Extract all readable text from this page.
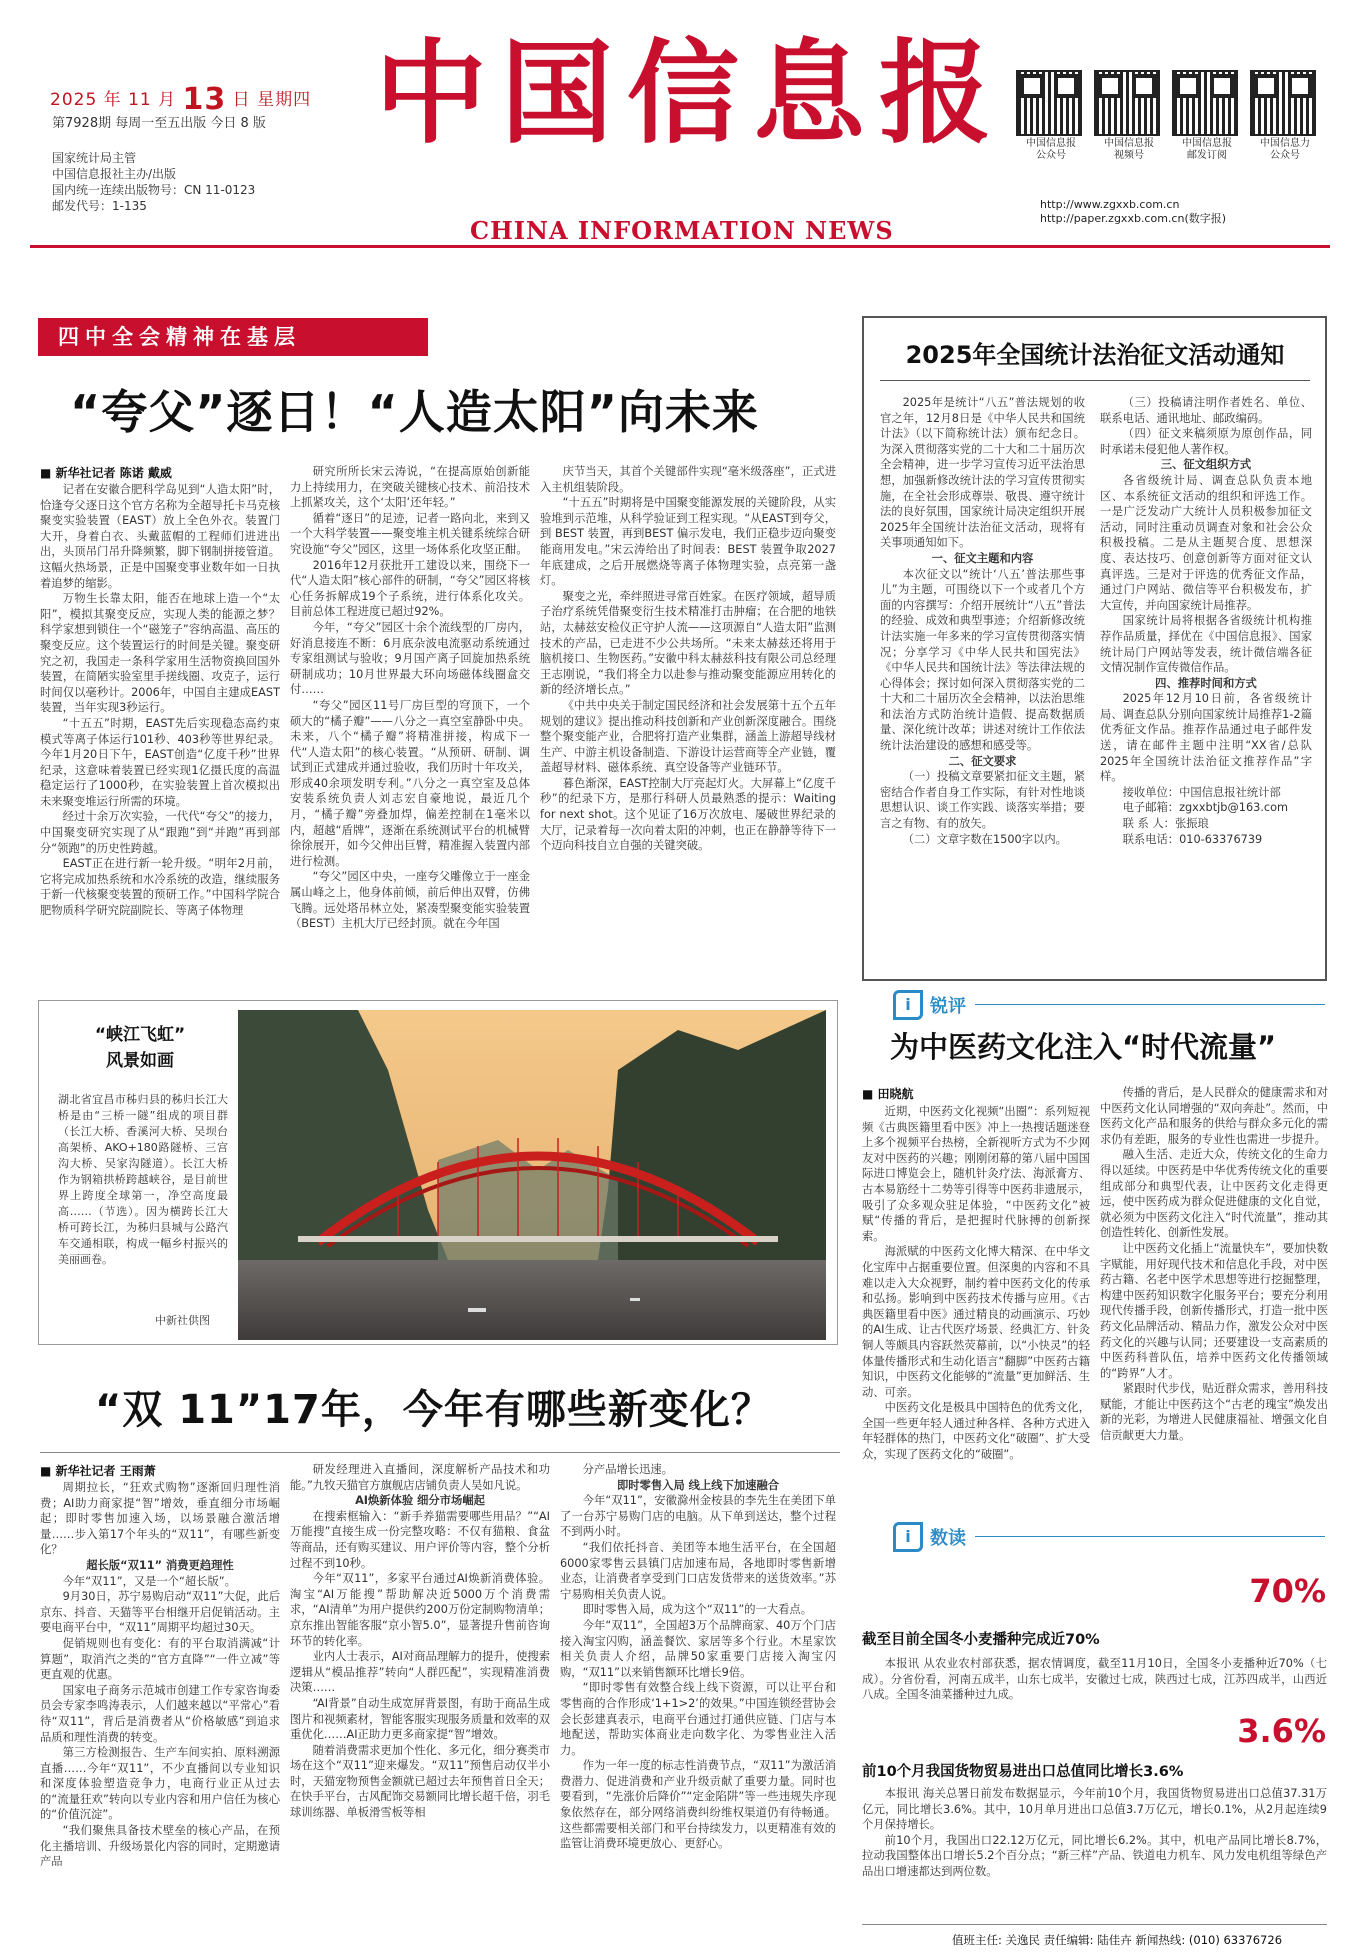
2025 年 11 月 13 日 星期四
第7928期 每周一至五出版 今日 8 版
国家统计局主管
中国信息报社主办/出版
国内统一连续出版物号：CN 11-0123
邮发代号：1-135
中国信息报
CHINA INFORMATION NEWS
中国信息报
公众号
中国信息报
视频号
中国信息报
邮发订阅
中国信息力
公众号
http://www.zgxxb.com.cn
http://paper.zgxxb.com.cn(数字报)
四中全会精神在基层
“夸父”逐日！“人造太阳”向未来
■ 新华社记者 陈诺 戴威

记者在安徽合肥科学岛见到“人造太阳”时，恰逢夸父逐日这个官方名称为全超导托卡马克核聚变实验装置（EAST）放上全色外衣。装置门大开，身着白衣、头戴蓝帽的工程师们进进出出，头顶吊门吊升降频繁，脚下钢制拼接管道。这幅火热场景，正是中国聚变事业数年如一日执着追梦的缩影。

万物生长靠太阳，能否在地球上造一个“太阳”，模拟其聚变反应，实现人类的能源之梦？科学家想到锁住一个“磁笼子”容纳高温、高压的聚变反应。这个装置运行的时间是关键。聚变研究之初，我国走一条科学家用生活物资换回国外装置，在简陋实验室里手搓线圈、攻克子，运行时间仅以毫秒计。2006年，中国自主建成EAST装置，当年实现3秒运行。

“十五五”时期，EAST先后实现稳态高约束模式等离子体运行101秒、403秒等世界纪录。今年1月20日下午，EAST创造“亿度千秒”世界纪录，这意味着装置已经实现1亿摄氏度的高温稳定运行了1000秒，在实验装置上首次模拟出未来聚变堆运行所需的环境。

经过十余万次实验，一代代“夸父”的接力，中国聚变研究实现了从“跟跑”到“并跑”再到部分“领跑”的历史性跨越。

EAST正在进行新一轮升级。“明年2月前，它将完成加热系统和水冷系统的改造，继续服务于新一代核聚变装置的预研工作。”中国科学院合肥物质科学研究院副院长、等离子体物理

研究所所长宋云涛说，“在提高原始创新能力上持续用力，在突破关键核心技术、前沿技术上抓紧攻关，这个‘太阳’还年轻。”

循着“逐日”的足迹，记者一路向北，来到又一个大科学装置——聚变堆主机关键系统综合研究设施“夸父”园区，这里一场体系化攻坚正酣。

2016年12月获批开工建设以来，围绕下一代“人造太阳”核心部件的研制，“夸父”园区将核心任务拆解成19个子系统，进行体系化攻关。目前总体工程进度已超过92%。

今年，“夸父”园区十余个流线型的厂房内，好消息接连不断：6月底杂波电流驱动系统通过专家组测试与验收；9月国产离子回旋加热系统研制成功；10月世界最大环向场磁体线圈盒交付……

“夸父”园区11号厂房巨型的穹顶下，一个硕大的“橘子瓣”——八分之一真空室静卧中央。未来，八个“橘子瓣”将精准拼接，构成下一代“人造太阳”的核心装置。“从预研、研制、调试到正式建成并通过验收，我们历时十年攻关，形成40余项发明专利。”八分之一真空室及总体安装系统负责人刘志宏自豪地说，最近几个月，“橘子瓣”旁叠加焊，偏差控制在1毫米以内，超越“盾牌”，逐渐在系统测试平台的机械臂徐徐展开，如今父伸出巨臂，精准握入装置内部进行检测。

“夸父”园区中央，一座夸父雕像立于一座金属山峰之上，他身体前倾，前后伸出双臂，仿佛飞腾。远处塔吊林立处，紧凑型聚变能实验装置（BEST）主机大厅已经封顶。就在今年国

庆节当天，其首个关键部件实现“毫米级落座”，正式进入主机组装阶段。

“十五五”时期将是中国聚变能源发展的关键阶段，从实验堆到示范堆，从科学验证到工程实现。“从EAST到夸父，到 BEST 装置，再到BEST 偏示发电，我们正稳步迈向聚变能商用发电。”宋云涛给出了时间表：BEST 装置争取2027年底建成，之后开展燃烧等离子体物理实验，点亮第一盏灯。

聚变之光，牵绊照进寻常百姓家。在医疗领域，超导质子治疗系统凭借聚变衍生技术精准打击肿瘤；在合肥的地铁站，太赫兹安检仪正守护人流——这项源自“人造太阳”监测技术的产品，已走进不少公共场所。“未来太赫兹还将用于脑机接口、生物医药。”安徽中科太赫兹科技有限公司总经理王志刚说，“我们将全力以赴参与推动聚变能源应用转化的新的经济增长点。”

《中共中央关于制定国民经济和社会发展第十五个五年规划的建议》提出推动科技创新和产业创新深度融合。围绕整个聚变能产业，合肥将打造产业集群，涵盖上游超导线材生产、中游主机设备制造、下游设计运营商等全产业链，覆盖超导材料、磁体系统、真空设备等产业链环节。

暮色渐深，EAST控制大厅亮起灯火。大屏幕上“亿度千秒”的纪录下方，是那行科研人员最熟悉的提示：Waiting for next shot。这个见证了16万次放电、屡破世界纪录的大厅，记录着每一次向着太阳的冲刺，也正在静静等待下一个迈向科技自立自强的关键突破。

2025年全国统计法治征文活动通知

2025年是统计“八五”普法规划的收官之年，12月8日是《中华人民共和国统计法》（以下简称统计法）颁布纪念日。为深入贯彻落实党的二十大和二十届历次全会精神，进一步学习宣传习近平法治思想，加强新修改统计法的学习宣传贯彻实施，在全社会形成尊崇、敬畏、遵守统计法的良好氛围，国家统计局决定组织开展2025年全国统计法治征文活动，现将有关事项通知如下。

一、征文主题和内容

本次征文以“统计‘八五’普法那些事儿”为主题，可围绕以下一个或者几个方面的内容撰写：介绍开展统计“八五”普法的经验、成效和典型事迹；介绍新修改统计法实施一年多来的学习宣传贯彻落实情况；分享学习《中华人民共和国宪法》《中华人民共和国统计法》等法律法规的心得体会；探讨如何深入贯彻落实党的二十大和二十届历次全会精神，以法治思维和法治方式防治统计造假、提高数据质量、深化统计改革；讲述对统计工作依法统计法治建设的感想和感受等。

二、征文要求

（一）投稿文章要紧扣征文主题，紧密结合作者自身工作实际，有针对性地谈思想认识、谈工作实践、谈落实举措；要言之有物、有的放矢。

（二）文章字数在1500字以内。

（三）投稿请注明作者姓名、单位、联系电话、通讯地址、邮政编码。

（四）征文来稿须原为原创作品，同时承诺未侵犯他人著作权。

三、征文组织方式

各省级统计局、调查总队负责本地区、本系统征文活动的组织和评选工作。一是广泛发动广大统计人员积极参加征文活动，同时注重动员调查对象和社会公众积极投稿。二是从主题契合度、思想深度、表达技巧、创意创新等方面对征文认真评选。三是对于评选的优秀征文作品，通过门户网站、微信等平台积极发布，扩大宣传，并向国家统计局推荐。

国家统计局将根据各省级统计机构推荐作品质量，择优在《中国信息报》、国家统计局门户网站等发表，统计微信端各征文情况制作宣传微信作品。

四、推荐时间和方式

2025年12月10日前，各省级统计局、调查总队分别向国家统计局推荐1-2篇优秀征文作品。推荐作品通过电子邮件发送，请在邮件主题中注明“XX省/总队2025年全国统计法治征文推荐作品”字样。

接收单位：中国信息报社统计部

电子邮箱：zgxxbtjb@163.com

联 系 人：张振琅

联系电话：010-63376739

“峡江飞虹”
风景如画
湖北省宜昌市秭归县的秭归长江大桥是由“三桥一隧”组成的项目群（长江大桥、香溪河大桥、吴坝台高架桥、AKO+180路隧桥、三宫沟大桥、吴家沟隧道）。长江大桥作为钢箱拱桥跨越峡谷，是目前世界上跨度全球第一，净空高度最高……（节选）。因为横跨长江大桥可跨长江，为秭归县城与公路汽车交通相联，构成一幅乡村振兴的美丽画卷。
中新社供图
“双 11”17年，今年有哪些新变化？
■ 新华社记者 王雨萧

周期拉长，“狂欢式购物”逐渐回归理性消费；AI助力商家提“智”增效，垂直细分市场崛起；即时零售加速入场，以场景融合激活增量……步入第17个年头的“双11”，有哪些新变化？

超长版“双11” 消费更趋理性

今年“双11”，又是一个“超长版”。

9月30日，苏宁易购启动“双11”大促，此后京东、抖音、天猫等平台相继开启促销活动。主要电商平台中，“双11”周期平均超过30天。

促销规则也有变化：有的平台取消满减“计算题”，取消汽之类的“官方直降”“一件立减”等更直观的优惠。

国家电子商务示范城市创建工作专家咨询委员会专家李鸣涛表示，人们越来越以“平常心”看待“双11”，背后是消费者从“价格敏感”到追求品质和理性消费的转变。

第三方检测报告、生产车间实拍、原料溯源直播……今年“双11”，不少直播间以专业知识和深度体验塑造竞争力，电商行业正从过去的“流量狂欢”转向以专业内容和用户信任为核心的“价值沉淀”。

“我们聚焦具备技术壁垒的核心产品，在预化主播培训、升级场景化内容的同时，定期邀请产品

研发经理进入直播间，深度解析产品技术和功能。”九牧天猫官方旗舰店店铺负责人吴如凡说。

AI焕新体验 细分市场崛起

在搜索框输入：“新手养猫需要哪些用品？”“AI万能搜”直接生成一份完整攻略：不仅有猫粮、食盆等商品，还有购买建议、用户评价等内容，整个分析过程不到10秒。

今年“双11”，多家平台通过AI焕新消费体验。淘宝“AI万能搜”帮助解决近5000万个消费需求，“AI清单”为用户提供约200万份定制购物清单；京东推出智能客服“京小智5.0”，显著提升售前咨询环节的转化率。

业内人士表示，AI对商品理解力的提升，使搜索逻辑从“模品推荐”转向“人群匹配”，实现精准消费决策……

“AI背景”自动生成宽屏背景图，有助于商品生成图片和视频素材，智能客服实现服务质量和效率的双重优化……AI正助力更多商家提“智”增效。

随着消费需求更加个性化、多元化，细分赛类市场在这个“双11”迎来爆发。“双11”预售启动仅半小时，天猫宠物预售金额就已超过去年预售首日全天；在快手平台，古风配饰交易额同比增长超千倍，羽毛球训练器、单板滑雪板等相

分产品增长迅速。

即时零售入局 线上线下加速融合

今年“双11”，安徽滁州金桉县的李先生在美团下单了一台苏宁易购门店的电脑。从下单到送达，整个过程不到两小时。

“我们依托抖音、美团等本地生活平台，在全国超6000家零售云县镇门店加速布局，各地即时零售新增业态，让消费者享受到门口店发货带来的送货效率。”苏宁易购相关负责人说。

即时零售入局，成为这个“双11”的一大看点。

今年“双11”，全国超3万个品牌商家、40万个门店接入淘宝闪购，涵盖餐饮、家居等多个行业。木星家饮相关负责人介绍，品牌50家重要门店接入淘宝闪购，“双11”以来销售额环比增长9倍。

“即时零售有效整合线上线下资源，可以让平台和零售商的合作形成‘1+1>2’的效果。”中国连锁经营协会会长彭建真表示，电商平台通过打通供应链、门店与本地配送，帮助实体商业走向数字化、为零售业注入活力。

作为一年一度的标志性消费节点，“双11”为激活消费潜力、促进消费和产业升级贡献了重要力量。同时也要看到，“先涨价后降价”“定金陷阱”等一些违规失序现象依然存在，部分网络消费纠纷维权渠道仍有待畅通。这些都需要相关部门和平台持续发力，以更精准有效的监管让消费环境更放心、更舒心。

i	锐评
为中医药文化注入“时代流量”
■ 田晓航

近期，中医药文化视频“出圈”：系列短视频《古典医籍里看中医》冲上一热搜话题迷登上多个视频平台热榜，全新视听方式为不少网友对中医药的兴趣；刚刚闭幕的第八届中国国际进口博览会上，随机针灸疗法、海派膏方、古本易筋经十二势等引得等中医药非遗展示，吸引了众多观众驻足体验，“中医药文化”被赋“传播的背后，是把握时代脉搏的创新探索。

海派赋的中医药文化博大精深、在中华文化宝库中占据重要位置。但深奥的内容和不具难以走入大众视野，制约着中医药文化的传承和弘扬。影响到中医药技术传播与应用。《古典医籍里看中医》通过精良的动画演示、巧妙的AI生成、让古代医疗场景、经典汇方、针灸铜人等颇具内容跃然荧幕前，以“小快灵”的轻体量传播形式和生动化语言“翻脚”中医药古籍知识，中医药文化能够的“流量”更加鲜活、生动、可亲。

中医药文化是极具中国特色的优秀文化，全国一些更年轻人通过种各样、各种方式进入年轻群体的热门，中医药文化“破圈”、扩大受众，实现了医药文化的“破圈”。

传播的背后，是人民群众的健康需求和对中医药文化认同增强的“双向奔赴”。然而，中医药文化产品和服务的供给与群众多元化的需求仍有差距，服务的专业性也需进一步提升。

融入生活、走近大众，传统文化的生命力得以延续。中医药是中华优秀传统文化的重要组成部分和典型代表，让中医药文化走得更远，使中医药成为群众促进健康的文化自觉，就必须为中医药文化注入“时代流量”，推动其创造性转化、创新性发展。

让中医药文化插上“流量快车”，要加快数字赋能，用好现代技术和信息化手段，对中医药古籍、名老中医学术思想等进行挖掘整理，构建中医药知识数字化服务平台；要充分利用现代传播手段，创新传播形式，打造一批中医药文化品牌活动、精品力作，激发公众对中医药文化的兴趣与认同；还要建设一支高素质的中医药科普队伍，培养中医药文化传播领域的“跨界”人才。

紧跟时代步伐，贴近群众需求，善用科技赋能，才能让中医药这个“古老的瑰宝”焕发出新的光彩，为增进人民健康福祉、增强文化自信贡献更大力量。

i	数读
70%
截至目前全国冬小麦播种完成近70%

本报讯 从农业农村部获悉，据农情调度，截至11月10日，全国冬小麦播种近70%（七成）。分省份看，河南五成半，山东七成半，安徽过七成，陕西过七成，江苏四成半，山西近八成。全国冬油菜播种过九成。

3.6%
前10个月我国货物贸易进出口总值同比增长3.6%

本报讯 海关总署日前发布数据显示，今年前10个月，我国货物贸易进出口总值37.31万亿元，同比增长3.6%。其中，10月单月进出口总值3.7万亿元，增长0.1%，从2月起连续9个月保持增长。

前10个月，我国出口22.12万亿元，同比增长6.2%。其中，机电产品同比增长8.7%，拉动我国整体出口增长5.2个百分点；“新三样”产品、铁道电力机车、风力发电机组等绿色产品出口增速都达到两位数。

值班主任: 关逸民 责任编辑: 陆佳卉 新闻热线: (010) 63376726
